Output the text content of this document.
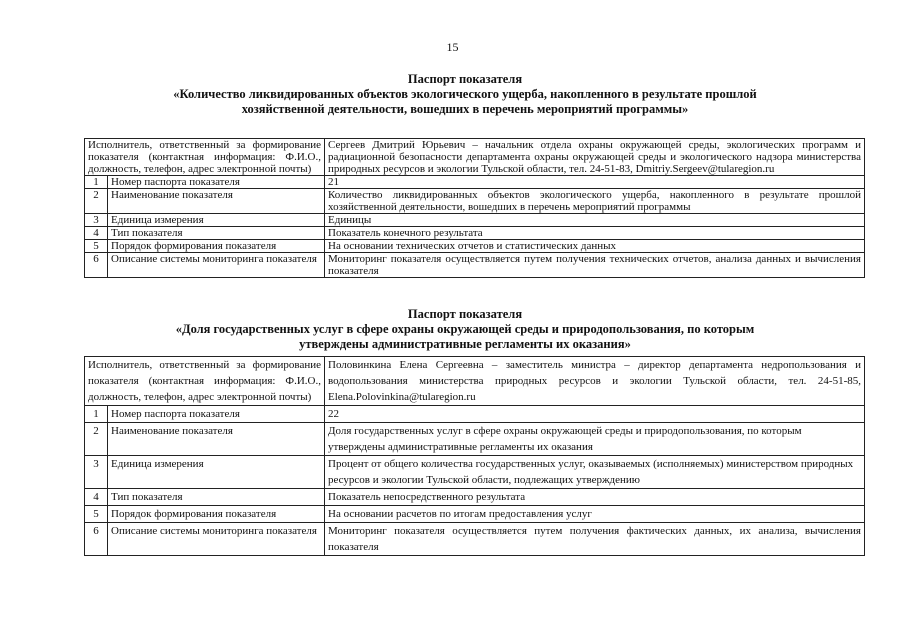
15
Паспорт показателя
«Количество ликвидированных объектов экологического ущерба, накопленного в результате прошлой
хозяйственной деятельности, вошедших в перечень мероприятий программы»
Исполнитель, ответственный за формирование показателя (контактная информация: Ф.И.О., должность, телефон, адрес электронной почты)		Сергеев Дмитрий Юрьевич – начальник отдела охраны окружающей среды, экологических программ и радиационной безопасности департамента охраны окружающей среды и экологического надзора министерства природных ресурсов и экологии Тульской области, тел. 24-51-83, Dmitriy.Sergeev@tularegion.ru
1	Номер паспорта показателя	21
2	Наименование показателя	Количество ликвидированных объектов экологического ущерба, накопленного в результате прошлой хозяйственной деятельности, вошедших в перечень мероприятий программы
3	Единица измерения	Единицы
4	Тип показателя	Показатель конечного результата
5	Порядок формирования показателя	На основании технических отчетов и статистических данных
6	Описание системы мониторинга показателя	Мониторинг показателя осуществляется путем получения технических отчетов, анализа данных и вычисления показателя
Паспорт показателя
«Доля государственных услуг в сфере охраны окружающей среды и природопользования, по которым
утверждены административные регламенты их оказания»
Исполнитель, ответственный за формирование показателя (контактная информация: Ф.И.О., должность, телефон, адрес электронной почты)		Половинкина Елена Сергеевна – заместитель министра – директор департамента недропользования и водопользования министерства природных ресурсов и экологии Тульской области, тел. 24-51-85, Elena.Polovinkina@tularegion.ru
1	Номер паспорта показателя	22
2	Наименование показателя	Доля государственных услуг в сфере охраны окружающей среды и природопользования, по которым утверждены административные регламенты их оказания
3	Единица измерения	Процент от общего количества государственных услуг, оказываемых (исполняемых) министерством природных ресурсов и экологии Тульской области, подлежащих утверждению
4	Тип показателя	Показатель непосредственного результата
5	Порядок формирования показателя	На основании расчетов по итогам предоставления услуг
6	Описание системы мониторинга показателя	Мониторинг показателя осуществляется путем получения фактических данных, их анализа, вычисления показателя
